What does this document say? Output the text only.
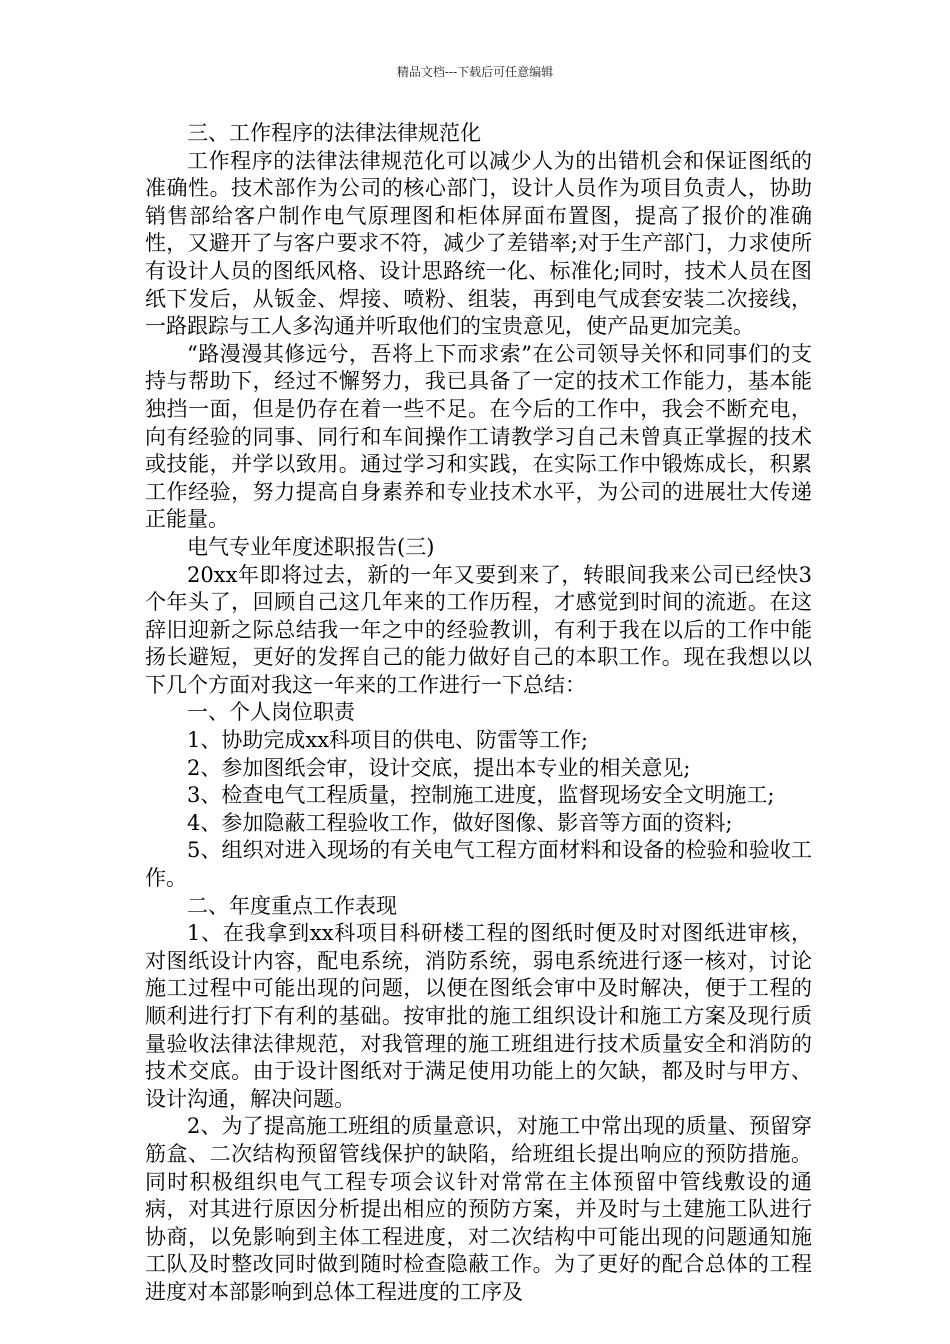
精品文档---下载后可任意编辑

三、工作程序的法律法律规范化

工作程序的法律法律规范化可以减少人为的出错机会和保证图纸的准确性。技术部作为公司的核心部门，设计人员作为项目负责人，协助销售部给客户制作电气原理图和柜体屏面布置图，提高了报价的准确性，又避开了与客户要求不符，减少了差错率;对于生产部门，力求使所有设计人员的图纸风格、设计思路统一化、标准化;同时，技术人员在图纸下发后，从钣金、焊接、喷粉、组装，再到电气成套安装二次接线，一路跟踪与工人多沟通并听取他们的宝贵意见，使产品更加完美。

“路漫漫其修远兮，吾将上下而求索”在公司领导关怀和同事们的支持与帮助下，经过不懈努力，我已具备了一定的技术工作能力，基本能独挡一面，但是仍存在着一些不足。在今后的工作中，我会不断充电，向有经验的同事、同行和车间操作工请教学习自己未曾真正掌握的技术或技能，并学以致用。通过学习和实践，在实际工作中锻炼成长，积累工作经验，努力提高自身素养和专业技术水平，为公司的进展壮大传递正能量。

电气专业年度述职报告(三)

20xx年即将过去，新的一年又要到来了，转眼间我来公司已经快3个年头了，回顾自己这几年来的工作历程，才感觉到时间的流逝。在这辞旧迎新之际总结我一年之中的经验教训，有利于我在以后的工作中能扬长避短，更好的发挥自己的能力做好自己的本职工作。现在我想以以下几个方面对我这一年来的工作进行一下总结：

一、个人岗位职责

1、协助完成xx科项目的供电、防雷等工作;

2、参加图纸会审，设计交底，提出本专业的相关意见;

3、检查电气工程质量，控制施工进度，监督现场安全文明施工;

4、参加隐蔽工程验收工作，做好图像、影音等方面的资料;

5、组织对进入现场的有关电气工程方面材料和设备的检验和验收工作。

二、年度重点工作表现

1、在我拿到xx科项目科研楼工程的图纸时便及时对图纸进审核，对图纸设计内容，配电系统，消防系统，弱电系统进行逐一核对，讨论施工过程中可能出现的问题，以便在图纸会审中及时解决，便于工程的顺利进行打下有利的基础。按审批的施工组织设计和施工方案及现行质量验收法律法律规范，对我管理的施工班组进行技术质量安全和消防的技术交底。由于设计图纸对于满足使用功能上的欠缺，都及时与甲方、设计沟通，解决问题。

2、为了提高施工班组的质量意识，对施工中常出现的质量、预留穿筋盒、二次结构预留管线保护的缺陷，给班组长提出响应的预防措施。同时积极组织电气工程专项会议针对常常在主体预留中管线敷设的通病，对其进行原因分析提出相应的预防方案，并及时与土建施工队进行协商，以免影响到主体工程进度，对二次结构中可能出现的问题通知施工队及时整改同时做到随时检查隐蔽工作。为了更好的配合总体的工程进度对本部影响到总体工程进度的工序及
